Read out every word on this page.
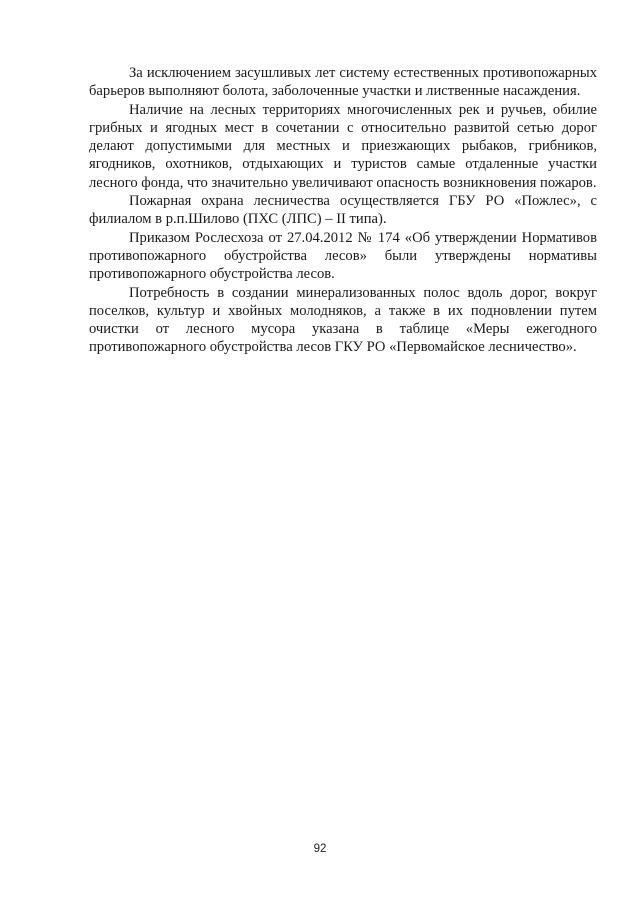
За исключением засушливых лет систему естественных противопожарных барьеров выполняют болота, заболоченные участки и лиственные насаждения.

Наличие на лесных территориях многочисленных рек и ручьев, обилие грибных и ягодных мест в сочетании с относительно развитой сетью дорог делают допустимыми для местных и приезжающих рыбаков, грибников, ягодников, охотников, отдыхающих и туристов самые отдаленные участки лесного фонда, что значительно увеличивают опасность возникновения пожаров.

Пожарная охрана лесничества осуществляется ГБУ РО «Пожлес», с филиалом в р.п.Шилово (ПХС (ЛПС) – II типа).

Приказом Рослесхоза от 27.04.2012 № 174 «Об утверждении Нормативов противопожарного обустройства лесов» были утверждены нормативы противопожарного обустройства лесов.

Потребность в создании минерализованных полос вдоль дорог, вокруг поселков, культур и хвойных молодняков, а также в их подновлении путем очистки от лесного мусора указана в таблице «Меры ежегодного противопожарного обустройства лесов ГКУ РО «Первомайское лесничество».

92
